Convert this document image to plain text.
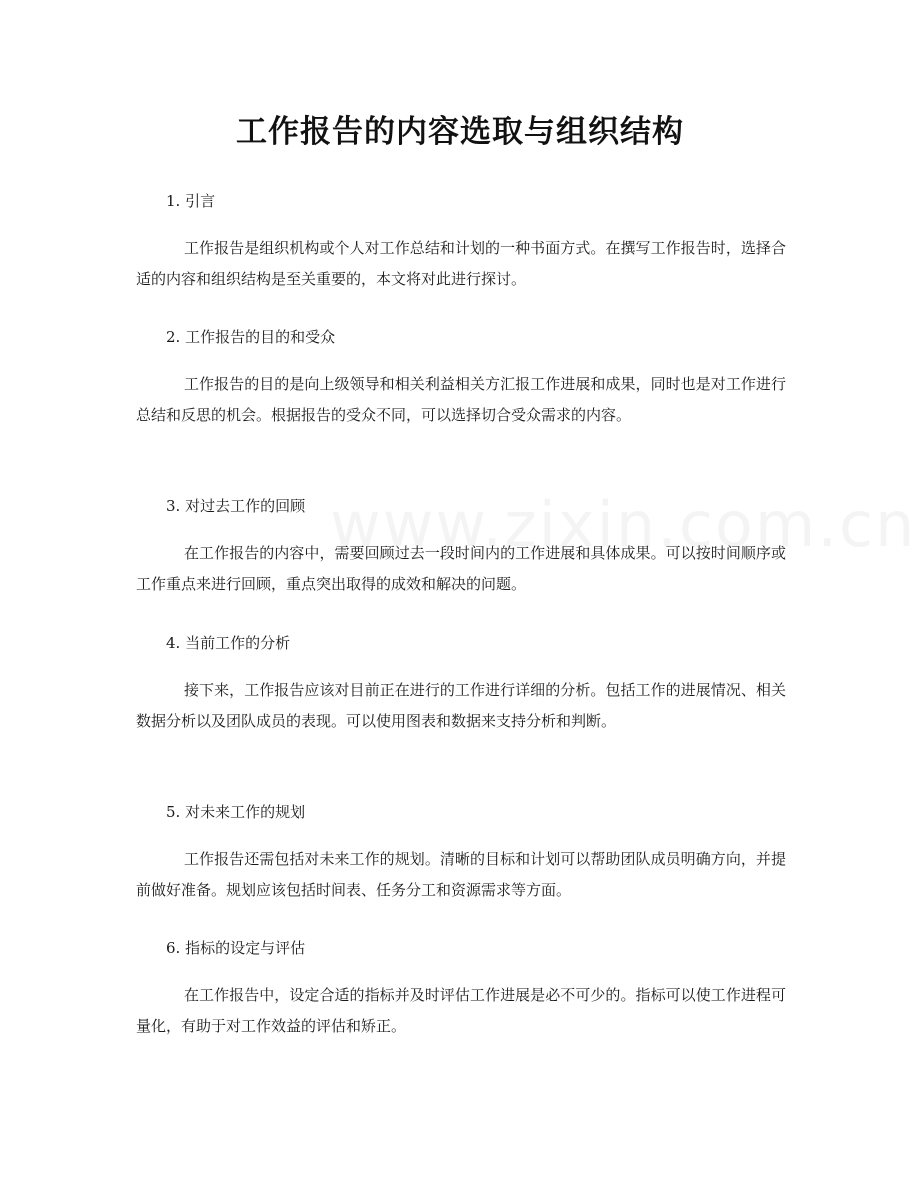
工作报告的内容选取与组织结构

1. 引言

工作报告是组织机构或个人对工作总结和计划的一种书面方式。在撰写工作报告时，选择合适的内容和组织结构是至关重要的，本文将对此进行探讨。

2. 工作报告的目的和受众

工作报告的目的是向上级领导和相关利益相关方汇报工作进展和成果，同时也是对工作进行总结和反思的机会。根据报告的受众不同，可以选择切合受众需求的内容。

3. 对过去工作的回顾

在工作报告的内容中，需要回顾过去一段时间内的工作进展和具体成果。可以按时间顺序或工作重点来进行回顾，重点突出取得的成效和解决的问题。

4. 当前工作的分析

接下来，工作报告应该对目前正在进行的工作进行详细的分析。包括工作的进展情况、相关数据分析以及团队成员的表现。可以使用图表和数据来支持分析和判断。

5. 对未来工作的规划

工作报告还需包括对未来工作的规划。清晰的目标和计划可以帮助团队成员明确方向，并提前做好准备。规划应该包括时间表、任务分工和资源需求等方面。

6. 指标的设定与评估

在工作报告中，设定合适的指标并及时评估工作进展是必不可少的。指标可以使工作进程可量化，有助于对工作效益的评估和矫正。
